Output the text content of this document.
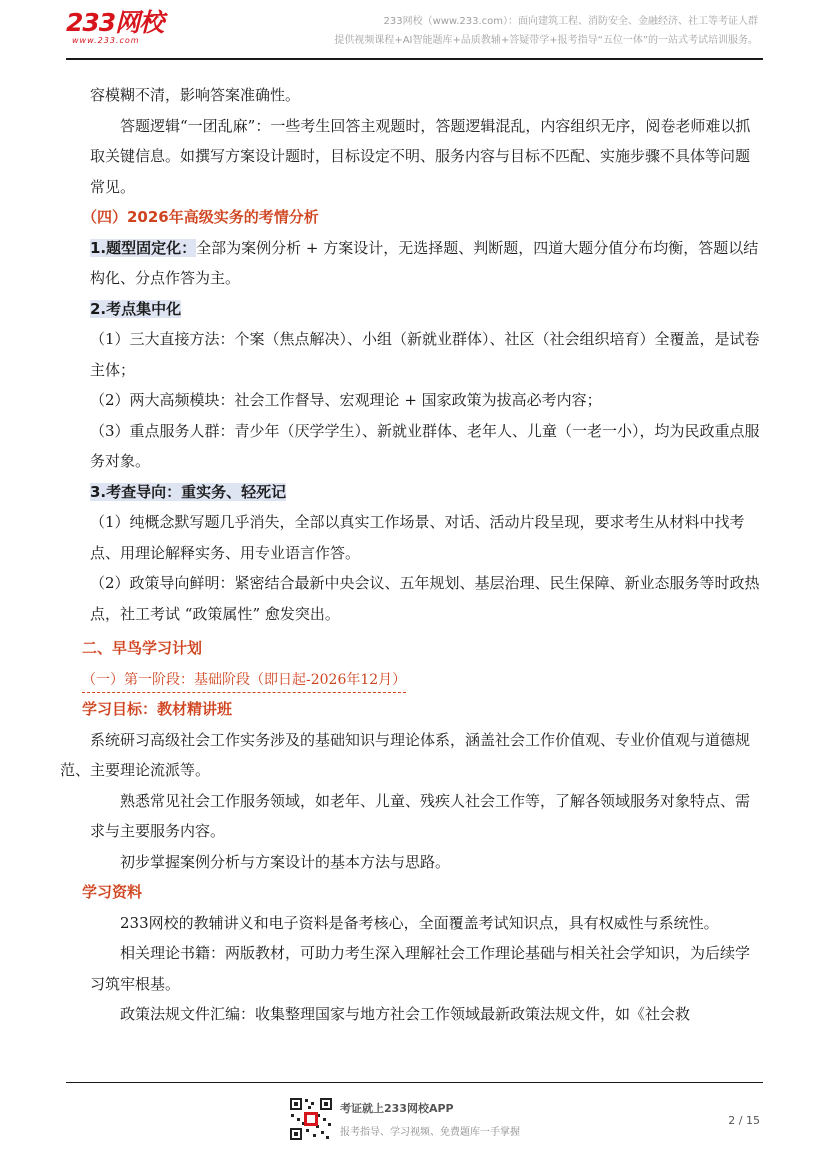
233网校
www.233.com
233网校（www.233.com）：面向建筑工程、消防安全、金融经济、社工等考证人群
提供视频课程+AI智能题库+品质教辅+答疑带学+报考指导“五位一体”的一站式考试培训服务。

容模糊不清，影响答案准确性。

答题逻辑“一团乱麻”：一些考生回答主观题时，答题逻辑混乱，内容组织无序，阅卷老师难以抓取关键信息。如撰写方案设计题时，目标设定不明、服务内容与目标不匹配、实施步骤不具体等问题常见。

（四）2026年高级实务的考情分析

1.题型固定化：全部为案例分析 + 方案设计，无选择题、判断题，四道大题分值分布均衡，答题以结构化、分点作答为主。

2.考点集中化

（1）三大直接方法：个案（焦点解决）、小组（新就业群体）、社区（社会组织培育）全覆盖，是试卷主体；

（2）两大高频模块：社会工作督导、宏观理论 + 国家政策为拔高必考内容；

（3）重点服务人群：青少年（厌学学生）、新就业群体、老年人、儿童（一老一小），均为民政重点服务对象。

3.考查导向：重实务、轻死记

（1）纯概念默写题几乎消失，全部以真实工作场景、对话、活动片段呈现，要求考生从材料中找考点、用理论解释实务、用专业语言作答。

（2）政策导向鲜明：紧密结合最新中央会议、五年规划、基层治理、民生保障、新业态服务等时政热点，社工考试 “政策属性” 愈发突出。

二、早鸟学习计划

（一）第一阶段：基础阶段（即日起-2026年12月）

学习目标：教材精讲班

系统研习高级社会工作实务涉及的基础知识与理论体系，涵盖社会工作价值观、专业价值观与道德规范、主要理论流派等。

熟悉常见社会工作服务领域，如老年、儿童、残疾人社会工作等，了解各领域服务对象特点、需求与主要服务内容。

初步掌握案例分析与方案设计的基本方法与思路。

学习资料

233网校的教辅讲义和电子资料是备考核心，全面覆盖考试知识点，具有权威性与系统性。

相关理论书籍：两版教材，可助力考生深入理解社会工作理论基础与相关社会学知识，为后续学习筑牢根基。

政策法规文件汇编：收集整理国家与地方社会工作领域最新政策法规文件，如《社会救

考证就上233网校APP
报考指导、学习视频、免费题库一手掌握
2 / 15
